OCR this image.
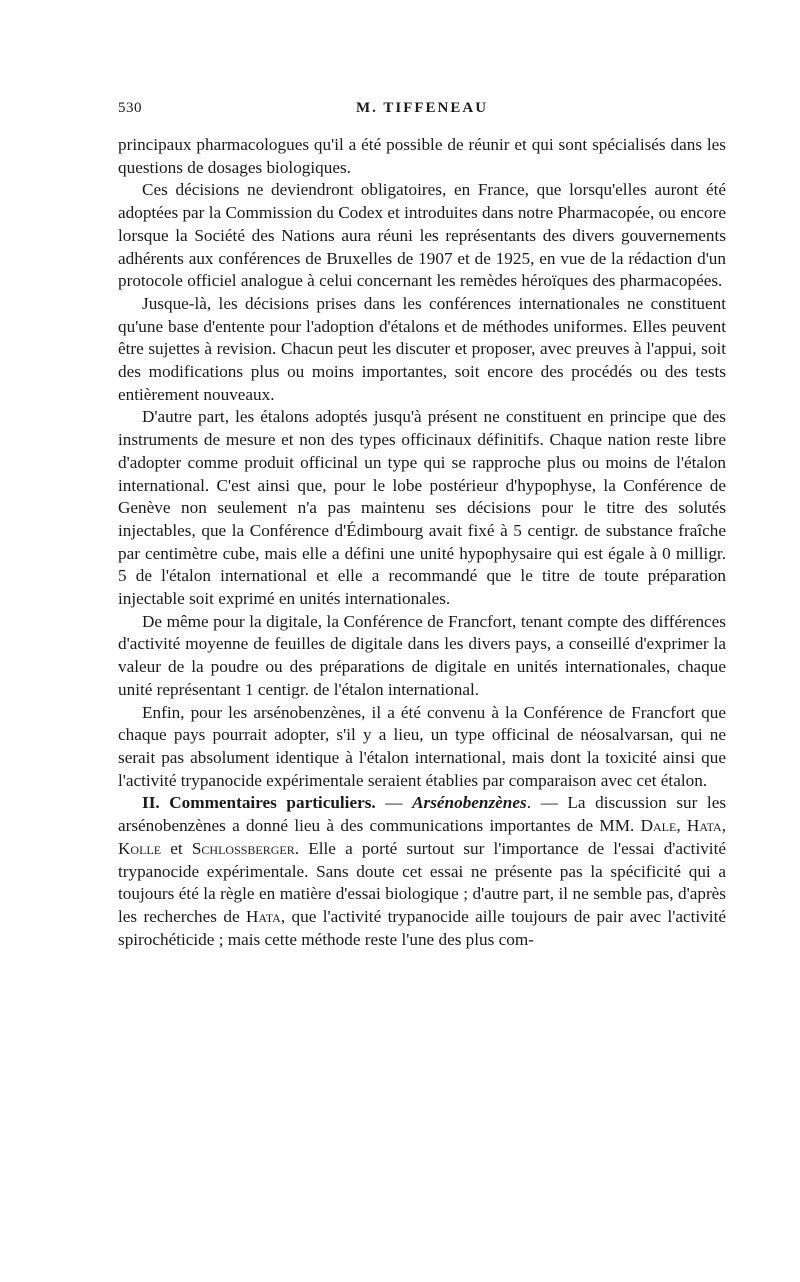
530	M. TIFFENEAU

principaux pharmacologues qu'il a été possible de réunir et qui sont spécialisés dans les questions de dosages biologiques.

Ces décisions ne deviendront obligatoires, en France, que lorsqu'elles auront été adoptées par la Commission du Codex et introduites dans notre Pharmacopée, ou encore lorsque la Société des Nations aura réuni les représentants des divers gouvernements adhérents aux conférences de Bruxelles de 1907 et de 1925, en vue de la rédaction d'un protocole officiel analogue à celui concernant les remèdes héroïques des pharmacopées.

Jusque-là, les décisions prises dans les conférences internationales ne constituent qu'une base d'entente pour l'adoption d'étalons et de méthodes uniformes. Elles peuvent être sujettes à revision. Chacun peut les discuter et proposer, avec preuves à l'appui, soit des modifications plus ou moins importantes, soit encore des procédés ou des tests entièrement nouveaux.

D'autre part, les étalons adoptés jusqu'à présent ne constituent en principe que des instruments de mesure et non des types officinaux définitifs. Chaque nation reste libre d'adopter comme produit officinal un type qui se rapproche plus ou moins de l'étalon international. C'est ainsi que, pour le lobe postérieur d'hypophyse, la Conférence de Genève non seulement n'a pas maintenu ses décisions pour le titre des solutés injectables, que la Conférence d'Édimbourg avait fixé à 5 centigr. de substance fraîche par centimètre cube, mais elle a défini une unité hypophysaire qui est égale à 0 milligr. 5 de l'étalon international et elle a recommandé que le titre de toute préparation injectable soit exprimé en unités internationales.

De même pour la digitale, la Conférence de Francfort, tenant compte des différences d'activité moyenne de feuilles de digitale dans les divers pays, a conseillé d'exprimer la valeur de la poudre ou des préparations de digitale en unités internationales, chaque unité représentant 1 centigr. de l'étalon international.

Enfin, pour les arsénobenzènes, il a été convenu à la Conférence de Francfort que chaque pays pourrait adopter, s'il y a lieu, un type officinal de néosalvarsan, qui ne serait pas absolument identique à l'étalon international, mais dont la toxicité ainsi que l'activité trypanocide expérimentale seraient établies par comparaison avec cet étalon.

II. Commentaires particuliers. — Arsénobenzènes. — La discussion sur les arsénobenzènes a donné lieu à des communications importantes de MM. Dale, Hata, Kolle et Schlossberger. Elle a porté surtout sur l'importance de l'essai d'activité trypanocide expérimentale. Sans doute cet essai ne présente pas la spécificité qui a toujours été la règle en matière d'essai biologique ; d'autre part, il ne semble pas, d'après les recherches de Hata, que l'activité trypanocide aille toujours de pair avec l'activité spirochéticide ; mais cette méthode reste l'une des plus com-
